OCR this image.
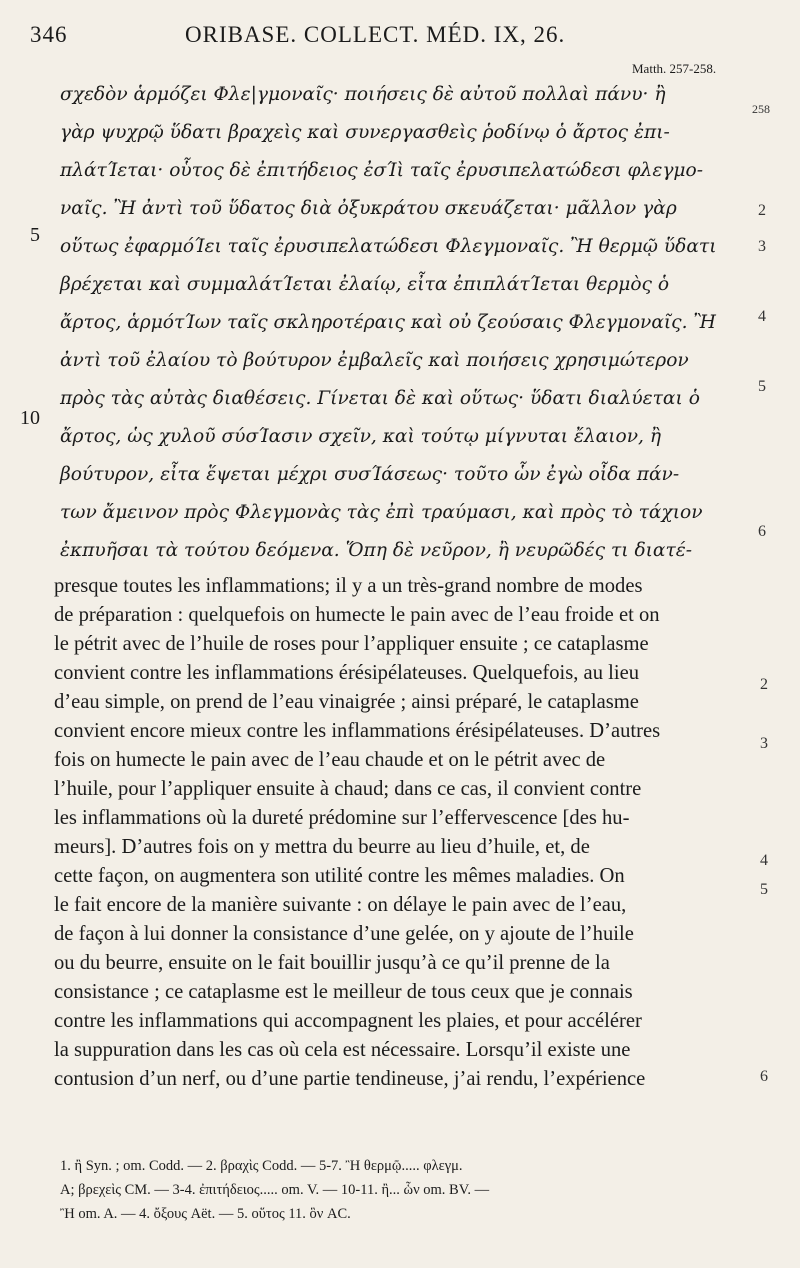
346	ORIBASE. COLLECT. MÉD. IX, 26.
Matth. 257-258.
σχεδὸν ἁρμόζει Φλε|γμοναῖς· ποιήσεις δὲ αὐτοῦ πολλαὶ πάνυ· ἢ
γὰρ ψυχρῷ ὕδατι βραχεὶς καὶ συνεργασθεὶς ῥοδίνῳ ὁ ἄρτος ἐπι-
πλάτΊεται· οὗτος δὲ ἐπιτήδειος ἐσΊὶ ταῖς ἐρυσιπελατώδεσι φλεγμο-
ναῖς. Ἢ ἀντὶ τοῦ ὕδατος διὰ ὀξυκράτου σκευάζεται· μᾶλλον γὰρ
οὕτως ἐφαρμόΊει ταῖς ἐρυσιπελατώδεσι Φλεγμοναῖς. Ἢ θερμῷ ὕδατι
βρέχεται καὶ συμμαλάτΊεται ἐλαίῳ, εἶτα ἐπιπλάτΊεται θερμὸς ὁ
ἄρτος, ἁρμότΊων ταῖς σκληροτέραις καὶ οὐ ζεούσαις Φλεγμοναῖς. Ἢ
ἀντὶ τοῦ ἐλαίου τὸ βούτυρον ἐμβαλεῖς καὶ ποιήσεις χρησιμώτερον
πρὸς τὰς αὐτὰς διαθέσεις. Γίνεται δὲ καὶ οὕτως· ὕδατι διαλύεται ὁ
ἄρτος, ὡς χυλοῦ σύσΊασιν σχεῖν, καὶ τούτῳ μίγνυται ἔλαιον, ἢ
βούτυρον, εἶτα ἕψεται μέχρι συσΊάσεως· τοῦτο ὧν ἐγὼ οἶδα πάν-
των ἄμεινον πρὸς Φλεγμονὰς τὰς ἐπὶ τραύμασι, καὶ πρὸς τὸ τάχιον
ἐκπυῆσαι τὰ τούτου δεόμενα. Ὅπη δὲ νεῦρον, ἢ νευρῶδές τι διατέ-
5
10
258
2
3
4
5
6
presque toutes les inflammations; il y a un très-grand nombre de modes
de préparation : quelquefois on humecte le pain avec de l’eau froide et on
le pétrit avec de l’huile de roses pour l’appliquer ensuite ; ce cataplasme
convient contre les inflammations érésipélateuses. Quelquefois, au lieu
d’eau simple, on prend de l’eau vinaigrée ; ainsi préparé, le cataplasme
convient encore mieux contre les inflammations érésipélateuses. D’autres
fois on humecte le pain avec de l’eau chaude et on le pétrit avec de
l’huile, pour l’appliquer ensuite à chaud; dans ce cas, il convient contre
les inflammations où la dureté prédomine sur l’effervescence [des hu-
meurs]. D’autres fois on y mettra du beurre au lieu d’huile, et, de
cette façon, on augmentera son utilité contre les mêmes maladies. On
le fait encore de la manière suivante : on délaye le pain avec de l’eau,
de façon à lui donner la consistance d’une gelée, on y ajoute de l’huile
ou du beurre, ensuite on le fait bouillir jusqu’à ce qu’il prenne de la
consistance ; ce cataplasme est le meilleur de tous ceux que je connais
contre les inflammations qui accompagnent les plaies, et pour accélérer
la suppuration dans les cas où cela est nécessaire. Lorsqu’il existe une
contusion d’un nerf, ou d’une partie tendineuse, j’ai rendu, l’expérience
2
3
4
5
6
1. ἢ Syn. ; om. Codd. — 2. βραχὶς Codd. — 5-7. Ἢ θερμῷ..... φλεγμ.
A; βρεχεὶς CM. — 3-4. ἐπιτήδειος..... om. V. — 10-11. ἢ... ὧν om. BV. —
Ἢ om. A. — 4. ὄξους Aët. — 5. οὕτος 11. ὃν AC.
